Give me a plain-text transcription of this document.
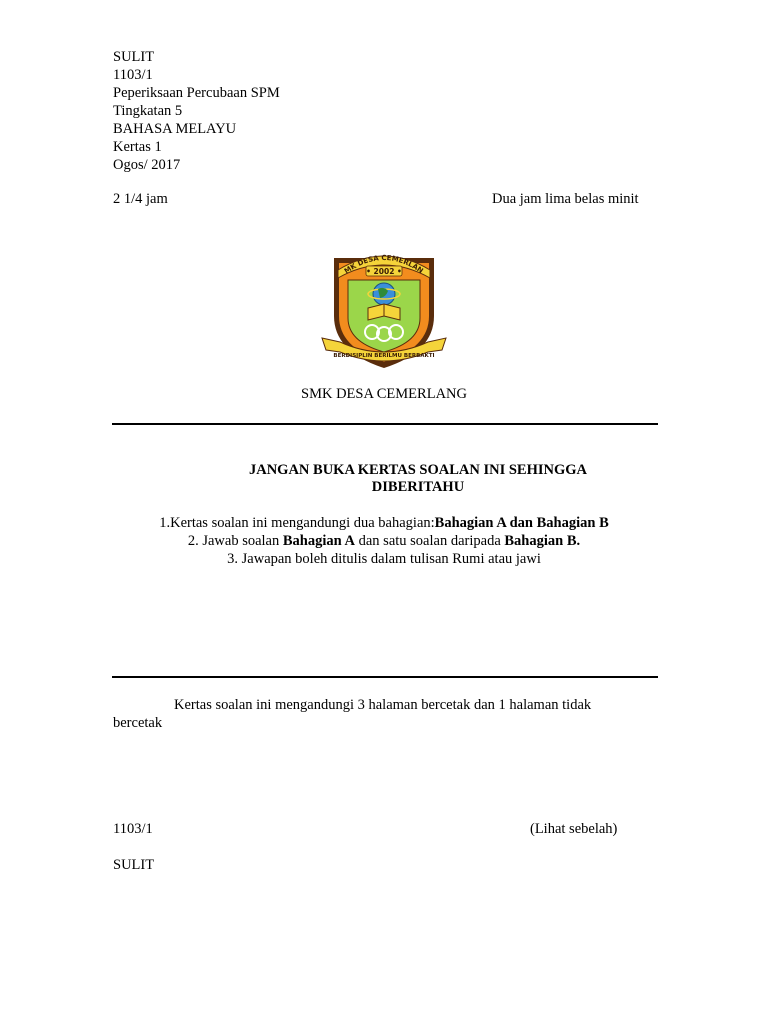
SULIT
1103/1
Peperiksaan Percubaan SPM
Tingkatan 5
BAHASA MELAYU
Kertas 1
Ogos/ 2017
2 1/4 jam	Dua jam lima belas minit
MK DESA CEMERLAN
• 2002 •
BERDISIPLIN BERILMU BERBAKTI
SMK DESA CEMERLANG
JANGAN BUKA KERTAS SOALAN INI SEHINGGA
DIBERITAHU
1.Kertas soalan ini mengandungi dua bahagian:Bahagian A dan Bahagian B
2. Jawab soalan Bahagian A dan satu soalan daripada Bahagian B.
3. Jawapan boleh ditulis dalam tulisan Rumi atau jawi
Kertas soalan ini mengandungi 3 halaman bercetak dan 1 halaman tidak
bercetak
1103/1	(Lihat sebelah)
SULIT
